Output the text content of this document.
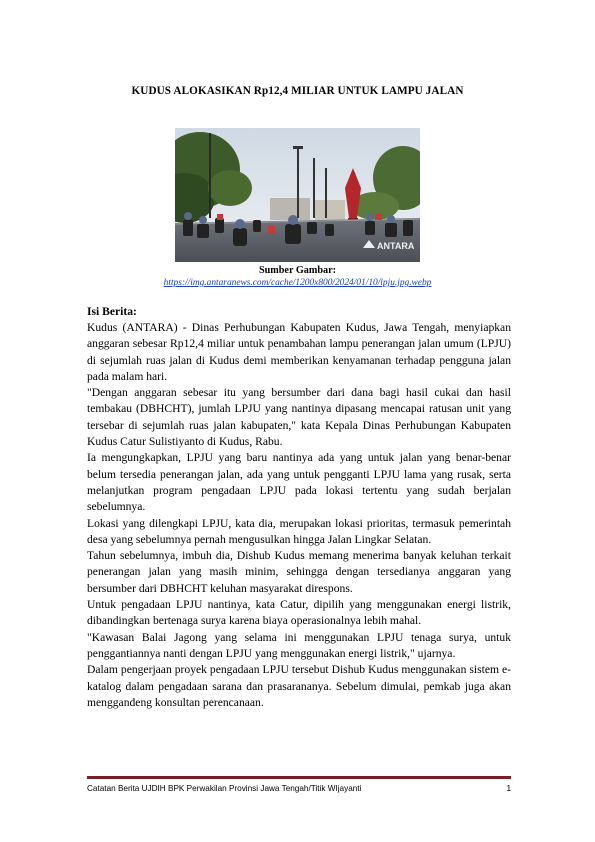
KUDUS ALOKASIKAN Rp12,4 MILIAR UNTUK LAMPU JALAN
ANTARA
Sumber Gambar:
https://img.antaranews.com/cache/1200x800/2024/01/10/lpju.jpg.webp
Isi Berita:

Kudus (ANTARA) - Dinas Perhubungan Kabupaten Kudus, Jawa Tengah, menyiapkan anggaran sebesar Rp12,4 miliar untuk penambahan lampu penerangan jalan umum (LPJU) di sejumlah ruas jalan di Kudus demi memberikan kenyamanan terhadap pengguna jalan pada malam hari.

"Dengan anggaran sebesar itu yang bersumber dari dana bagi hasil cukai dan hasil tembakau (DBHCHT), jumlah LPJU yang nantinya dipasang mencapai ratusan unit yang tersebar di sejumlah ruas jalan kabupaten," kata Kepala Dinas Perhubungan Kabupaten Kudus Catur Sulistiyanto di Kudus, Rabu.

Ia mengungkapkan, LPJU yang baru nantinya ada yang untuk jalan yang benar-benar belum tersedia penerangan jalan, ada yang untuk pengganti LPJU lama yang rusak, serta melanjutkan program pengadaan LPJU pada lokasi tertentu yang sudah berjalan sebelumnya.

Lokasi yang dilengkapi LPJU, kata dia, merupakan lokasi prioritas, termasuk pemerintah desa yang sebelumnya pernah mengusulkan hingga Jalan Lingkar Selatan.

Tahun sebelumnya, imbuh dia, Dishub Kudus memang menerima banyak keluhan terkait penerangan jalan yang masih minim, sehingga dengan tersedianya anggaran yang bersumber dari DBHCHT keluhan masyarakat direspons.

Untuk pengadaan LPJU nantinya, kata Catur, dipilih yang menggunakan energi listrik, dibandingkan bertenaga surya karena biaya operasionalnya lebih mahal.

"Kawasan Balai Jagong yang selama ini menggunakan LPJU tenaga surya, untuk penggantiannya nanti dengan LPJU yang menggunakan energi listrik," ujarnya.

Dalam pengerjaan proyek pengadaan LPJU tersebut Dishub Kudus menggunakan sistem e-katalog dalam pengadaan sarana dan prasarananya. Sebelum dimulai, pemkab juga akan menggandeng konsultan perencanaan.

Catatan Berita UJDIH BPK Perwakilan Provinsi Jawa Tengah/Titik WIjayanti	1
